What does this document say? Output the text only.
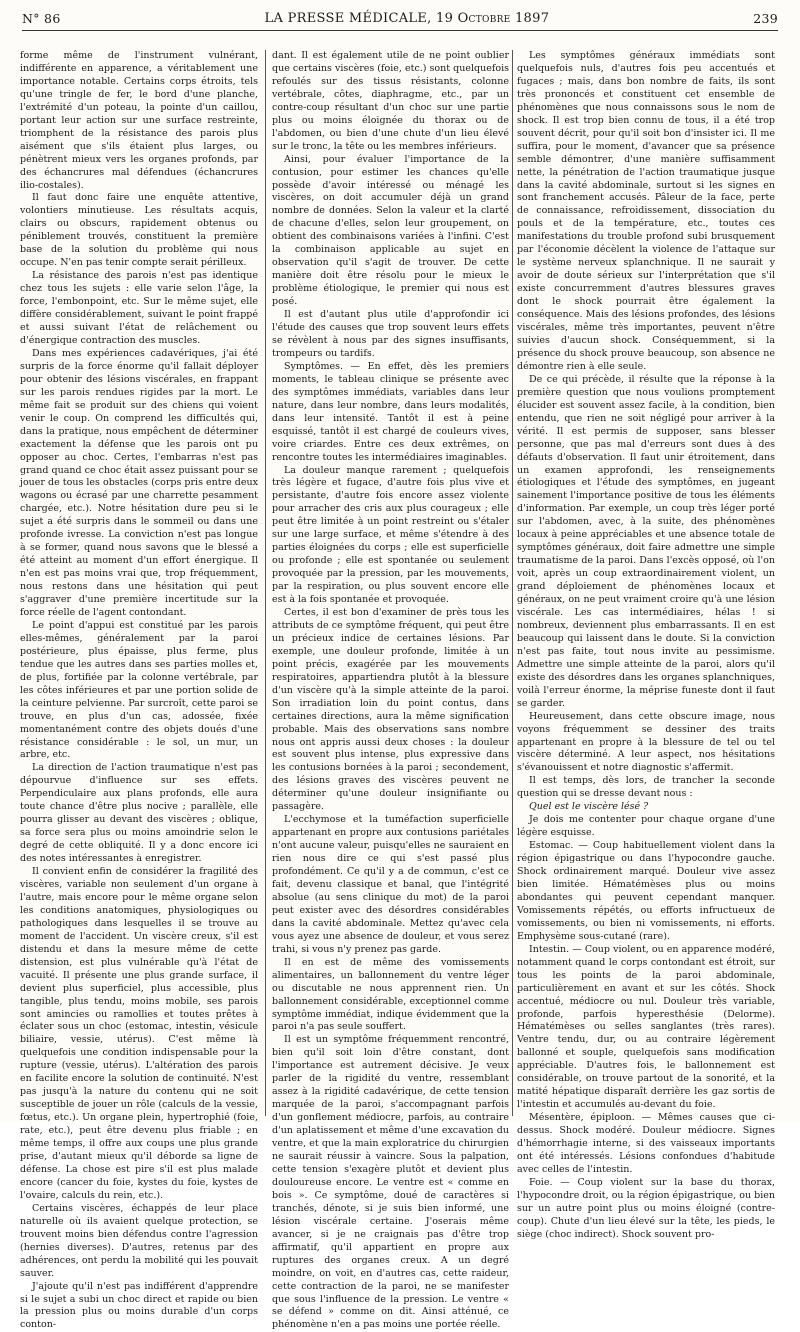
N° 86	LA PRESSE MÉDICALE, 19 Octobre 1897	239

forme même de l'instrument vulnérant, indifférente en apparence, a véritablement une importance notable. Certains corps étroits, tels qu'une tringle de fer, le bord d'une planche, l'extrémité d'un poteau, la pointe d'un caillou, portant leur action sur une surface restreinte, triomphent de la résistance des parois plus aisément que s'ils étaient plus larges, ou pénètrent mieux vers les organes profonds, par des échancrures mal défendues (échancrures ilio-costales).

Il faut donc faire une enquête attentive, volontiers minutieuse. Les résultats acquis, clairs ou obscurs, rapidement obtenus ou péniblement trouvés, constituent la première base de la solution du problème qui nous occupe. N'en pas tenir compte serait périlleux.

La résistance des parois n'est pas identique chez tous les sujets : elle varie selon l'âge, la force, l'embonpoint, etc. Sur le même sujet, elle diffère considérablement, suivant le point frappé et aussi suivant l'état de relâchement ou d'énergique contraction des muscles.

Dans mes expériences cadavériques, j'ai été surpris de la force énorme qu'il fallait déployer pour obtenir des lésions viscérales, en frappant sur les parois rendues rigides par la mort. Le même fait se produit sur des chiens qui voient venir le coup. On comprend les difficultés qui, dans la pratique, nous empêchent de déterminer exactement la défense que les parois ont pu opposer au choc. Certes, l'embarras n'est pas grand quand ce choc était assez puissant pour se jouer de tous les obstacles (corps pris entre deux wagons ou écrasé par une charrette pesamment chargée, etc.). Notre hésitation dure peu si le sujet a été surpris dans le sommeil ou dans une profonde ivresse. La conviction n'est pas longue à se former, quand nous savons que le blessé a été atteint au moment d'un effort énergique. Il n'en est pas moins vrai que, trop fréquemment, nous restons dans une hésitation qui peut s'aggraver d'une première incertitude sur la force réelle de l'agent contondant.

Le point d'appui est constitué par les parois elles-mêmes, généralement par la paroi postérieure, plus épaisse, plus ferme, plus tendue que les autres dans ses parties molles et, de plus, fortifiée par la colonne vertébrale, par les côtes inférieures et par une portion solide de la ceinture pelvienne. Par surcroît, cette paroi se trouve, en plus d'un cas, adossée, fixée momentanément contre des objets doués d'une résistance considérable : le sol, un mur, un arbre, etc.

La direction de l'action traumatique n'est pas dépourvue d'influence sur ses effets. Perpendiculaire aux plans profonds, elle aura toute chance d'être plus nocive ; parallèle, elle pourra glisser au devant des viscères ; oblique, sa force sera plus ou moins amoindrie selon le degré de cette obliquité. Il y a donc encore ici des notes intéressantes à enregistrer.

Il convient enfin de considérer la fragilité des viscères, variable non seulement d'un organe à l'autre, mais encore pour le même organe selon les conditions anatomiques, physiologiques ou pathologiques dans lesquelles il se trouve au moment de l'accident. Un viscère creux, s'il est distendu et dans la mesure même de cette distension, est plus vulnérable qu'à l'état de vacuité. Il présente une plus grande surface, il devient plus superficiel, plus accessible, plus tangible, plus tendu, moins mobile, ses parois sont amincies ou ramollies et toutes prêtes à éclater sous un choc (estomac, intestin, vésicule biliaire, vessie, utérus). C'est même là quelquefois une condition indispensable pour la rupture (vessie, utérus). L'altération des parois en facilite encore la solution de continuité. N'est pas jusqu'à la nature du contenu qui ne soit susceptible de jouer un rôle (calculs de la vessie, fœtus, etc.). Un organe plein, hypertrophié (foie, rate, etc.), peut être devenu plus friable ; en même temps, il offre aux coups une plus grande prise, d'autant mieux qu'il déborde sa ligne de défense. La chose est pire s'il est plus malade encore (cancer du foie, kystes du foie, kystes de l'ovaire, calculs du rein, etc.).

Certains viscères, échappés de leur place naturelle où ils avaient quelque protection, se trouvent moins bien défendus contre l'agression (hernies diverses). D'autres, retenus par des adhérences, ont perdu la mobilité qui les pouvait sauver.

J'ajoute qu'il n'est pas indifférent d'apprendre si le sujet a subi un choc direct et rapide ou bien la pression plus ou moins durable d'un corps conton-

dant. Il est également utile de ne point oublier que certains viscères (foie, etc.) sont quelquefois refoulés sur des tissus résistants, colonne vertébrale, côtes, diaphragme, etc., par un contre-coup résultant d'un choc sur une partie plus ou moins éloignée du thorax ou de l'abdomen, ou bien d'une chute d'un lieu élevé sur le tronc, la tête ou les membres inférieurs.

Ainsi, pour évaluer l'importance de la contusion, pour estimer les chances qu'elle possède d'avoir intéressé ou ménagé les viscères, on doit accumuler déjà un grand nombre de données. Selon la valeur et la clarté de chacune d'elles, selon leur groupement, on obtient des combinaisons variées à l'infini. C'est la combinaison applicable au sujet en observation qu'il s'agit de trouver. De cette manière doit être résolu pour le mieux le problème étiologique, le premier qui nous est posé.

Il est d'autant plus utile d'approfondir ici l'étude des causes que trop souvent leurs effets se révèlent à nous par des signes insuffisants, trompeurs ou tardifs.

Symptômes. — En effet, dès les premiers moments, le tableau clinique se présente avec des symptômes immédiats, variables dans leur nature, dans leur nombre, dans leurs modalités, dans leur intensité. Tantôt il est à peine esquissé, tantôt il est chargé de couleurs vives, voire criardes. Entre ces deux extrêmes, on rencontre toutes les intermédiaires imaginables.

La douleur manque rarement ; quelquefois très légère et fugace, d'autre fois plus vive et persistante, d'autre fois encore assez violente pour arracher des cris aux plus courageux ; elle peut être limitée à un point restreint ou s'étaler sur une large surface, et même s'étendre à des parties éloignées du corps ; elle est superficielle ou profonde ; elle est spontanée ou seulement provoquée par la pression, par les mouvements, par la respiration, ou plus souvent encore elle est à la fois spontanée et provoquée.

Certes, il est bon d'examiner de près tous les attributs de ce symptôme fréquent, qui peut être un précieux indice de certaines lésions. Par exemple, une douleur profonde, limitée à un point précis, exagérée par les mouvements respiratoires, appartiendra plutôt à la blessure d'un viscère qu'à la simple atteinte de la paroi. Son irradiation loin du point contus, dans certaines directions, aura la même signification probable. Mais des observations sans nombre nous ont appris aussi deux choses : la douleur est souvent plus intense, plus expressive dans les contusions bornées à la paroi ; secondement, des lésions graves des viscères peuvent ne déterminer qu'une douleur insignifiante ou passagère.

L'ecchymose et la tuméfaction superficielle appartenant en propre aux contusions pariétales n'ont aucune valeur, puisqu'elles ne sauraient en rien nous dire ce qui s'est passé plus profondément. Ce qu'il y a de commun, c'est ce fait, devenu classique et banal, que l'intégrité absolue (au sens clinique du mot) de la paroi peut exister avec des désordres considérables dans la cavité abdominale. Mettez qu'avec cela vous ayez une absence de douleur, et vous serez trahi, si vous n'y prenez pas garde.

Il en est de même des vomissements alimentaires, un ballonnement du ventre léger ou discutable ne nous apprennent rien. Un ballonnement considérable, exceptionnel comme symptôme immédiat, indique évidemment que la paroi n'a pas seule souffert.

Il est un symptôme fréquemment rencontré, bien qu'il soit loin d'être constant, dont l'importance est autrement décisive. Je veux parler de la rigidité du ventre, ressemblant assez à la rigidité cadavérique, de cette tension marquée de la paroi, s'accompagnant parfois d'un gonflement médiocre, parfois, au contraire d'un aplatissement et même d'une excavation du ventre, et que la main exploratrice du chirurgien ne saurait réussir à vaincre. Sous la palpation, cette tension s'exagère plutôt et devient plus douloureuse encore. Le ventre est « comme en bois ». Ce symptôme, doué de caractères si tranchés, dénote, si je suis bien informé, une lésion viscérale certaine. J'oserais même avancer, si je ne craignais pas d'être trop affirmatif, qu'il appartient en propre aux ruptures des organes creux. A un degré moindre, on voit, en d'autres cas, cette raideur, cette contraction de la paroi, ne se manifester que sous l'influence de la pression. Le ventre « se défend » comme on dit. Ainsi atténué, ce phénomène n'en a pas moins une portée réelle.

Les symptômes généraux immédiats sont quelquefois nuls, d'autres fois peu accentués et fugaces ; mais, dans bon nombre de faits, ils sont très prononcés et constituent cet ensemble de phénomènes que nous connaissons sous le nom de shock. Il est trop bien connu de tous, il a été trop souvent décrit, pour qu'il soit bon d'insister ici. Il me suffira, pour le moment, d'avancer que sa présence semble démontrer, d'une manière suffisamment nette, la pénétration de l'action traumatique jusque dans la cavité abdominale, surtout si les signes en sont franchement accusés. Pâleur de la face, perte de connaissance, refroidissement, dissociation du pouls et de la température, etc., toutes ces manifestations du trouble profond subi brusquement par l'économie décèlent la violence de l'attaque sur le système nerveux splanchnique. Il ne saurait y avoir de doute sérieux sur l'interprétation que s'il existe concurremment d'autres blessures graves dont le shock pourrait être également la conséquence. Mais des lésions profondes, des lésions viscérales, même très importantes, peuvent n'être suivies d'aucun shock. Conséquemment, si la présence du shock prouve beaucoup, son absence ne démontre rien à elle seule.

De ce qui précède, il résulte que la réponse à la première question que nous voulions promptement élucider est souvent assez facile, à la condition, bien entendu, que rien ne soit négligé pour arriver à la vérité. Il est permis de supposer, sans blesser personne, que pas mal d'erreurs sont dues à des défauts d'observation. Il faut unir étroitement, dans un examen approfondi, les renseignements étiologiques et l'étude des symptômes, en jugeant sainement l'importance positive de tous les éléments d'information. Par exemple, un coup très léger porté sur l'abdomen, avec, à la suite, des phénomènes locaux à peine appréciables et une absence totale de symptômes généraux, doit faire admettre une simple traumatisme de la paroi. Dans l'excès opposé, où l'on voit, après un coup extraordinairement violent, un grand déploiement de phénomènes locaux et généraux, on ne peut vraiment croire qu'à une lésion viscérale. Les cas intermédiaires, hélas ! si nombreux, deviennent plus embarrassants. Il en est beaucoup qui laissent dans le doute. Si la conviction n'est pas faite, tout nous invite au pessimisme. Admettre une simple atteinte de la paroi, alors qu'il existe des désordres dans les organes splanchniques, voilà l'erreur énorme, la méprise funeste dont il faut se garder.

Heureusement, dans cette obscure image, nous voyons fréquemment se dessiner des traits appartenant en propre à la blessure de tel ou tel viscère déterminé. A leur aspect, nos hésitations s'évanouissent et notre diagnostic s'affermit.

Il est temps, dès lors, de trancher la seconde question qui se dresse devant nous :

Quel est le viscère lésé ?

Je dois me contenter pour chaque organe d'une légère esquisse.

Estomac. — Coup habituellement violent dans la région épigastrique ou dans l'hypocondre gauche. Shock ordinairement marqué. Douleur vive assez bien limitée. Hématémèses plus ou moins abondantes qui peuvent cependant manquer. Vomissements répétés, ou efforts infructueux de vomissements, ou bien ni vomissements, ni efforts. Emphysème sous-cutané (rare).

Intestin. — Coup violent, ou en apparence modéré, notamment quand le corps contondant est étroit, sur tous les points de la paroi abdominale, particulièrement en avant et sur les côtés. Shock accentué, médiocre ou nul. Douleur très variable, profonde, parfois hyperesthésie (Delorme). Hématémèses ou selles sanglantes (très rares). Ventre tendu, dur, ou au contraire légèrement ballonné et souple, quelquefois sans modification appréciable. D'autres fois, le ballonnement est considérable, on trouve partout de la sonorité, et la matité hépatique disparaît derrière les gaz sortis de l'intestin et accumulés au-devant du foie.

Mésentère, épiploon. — Mêmes causes que ci-dessus. Shock modéré. Douleur médiocre. Signes d'hémorrhagie interne, si des vaisseaux importants ont été intéressés. Lésions confondues d'habitude avec celles de l'intestin.

Foie. — Coup violent sur la base du thorax, l'hypocondre droit, ou la région épigastrique, ou bien sur un autre point plus ou moins éloigné (contre-coup). Chute d'un lieu élevé sur la tête, les pieds, le siège (choc indirect). Shock souvent pro-
